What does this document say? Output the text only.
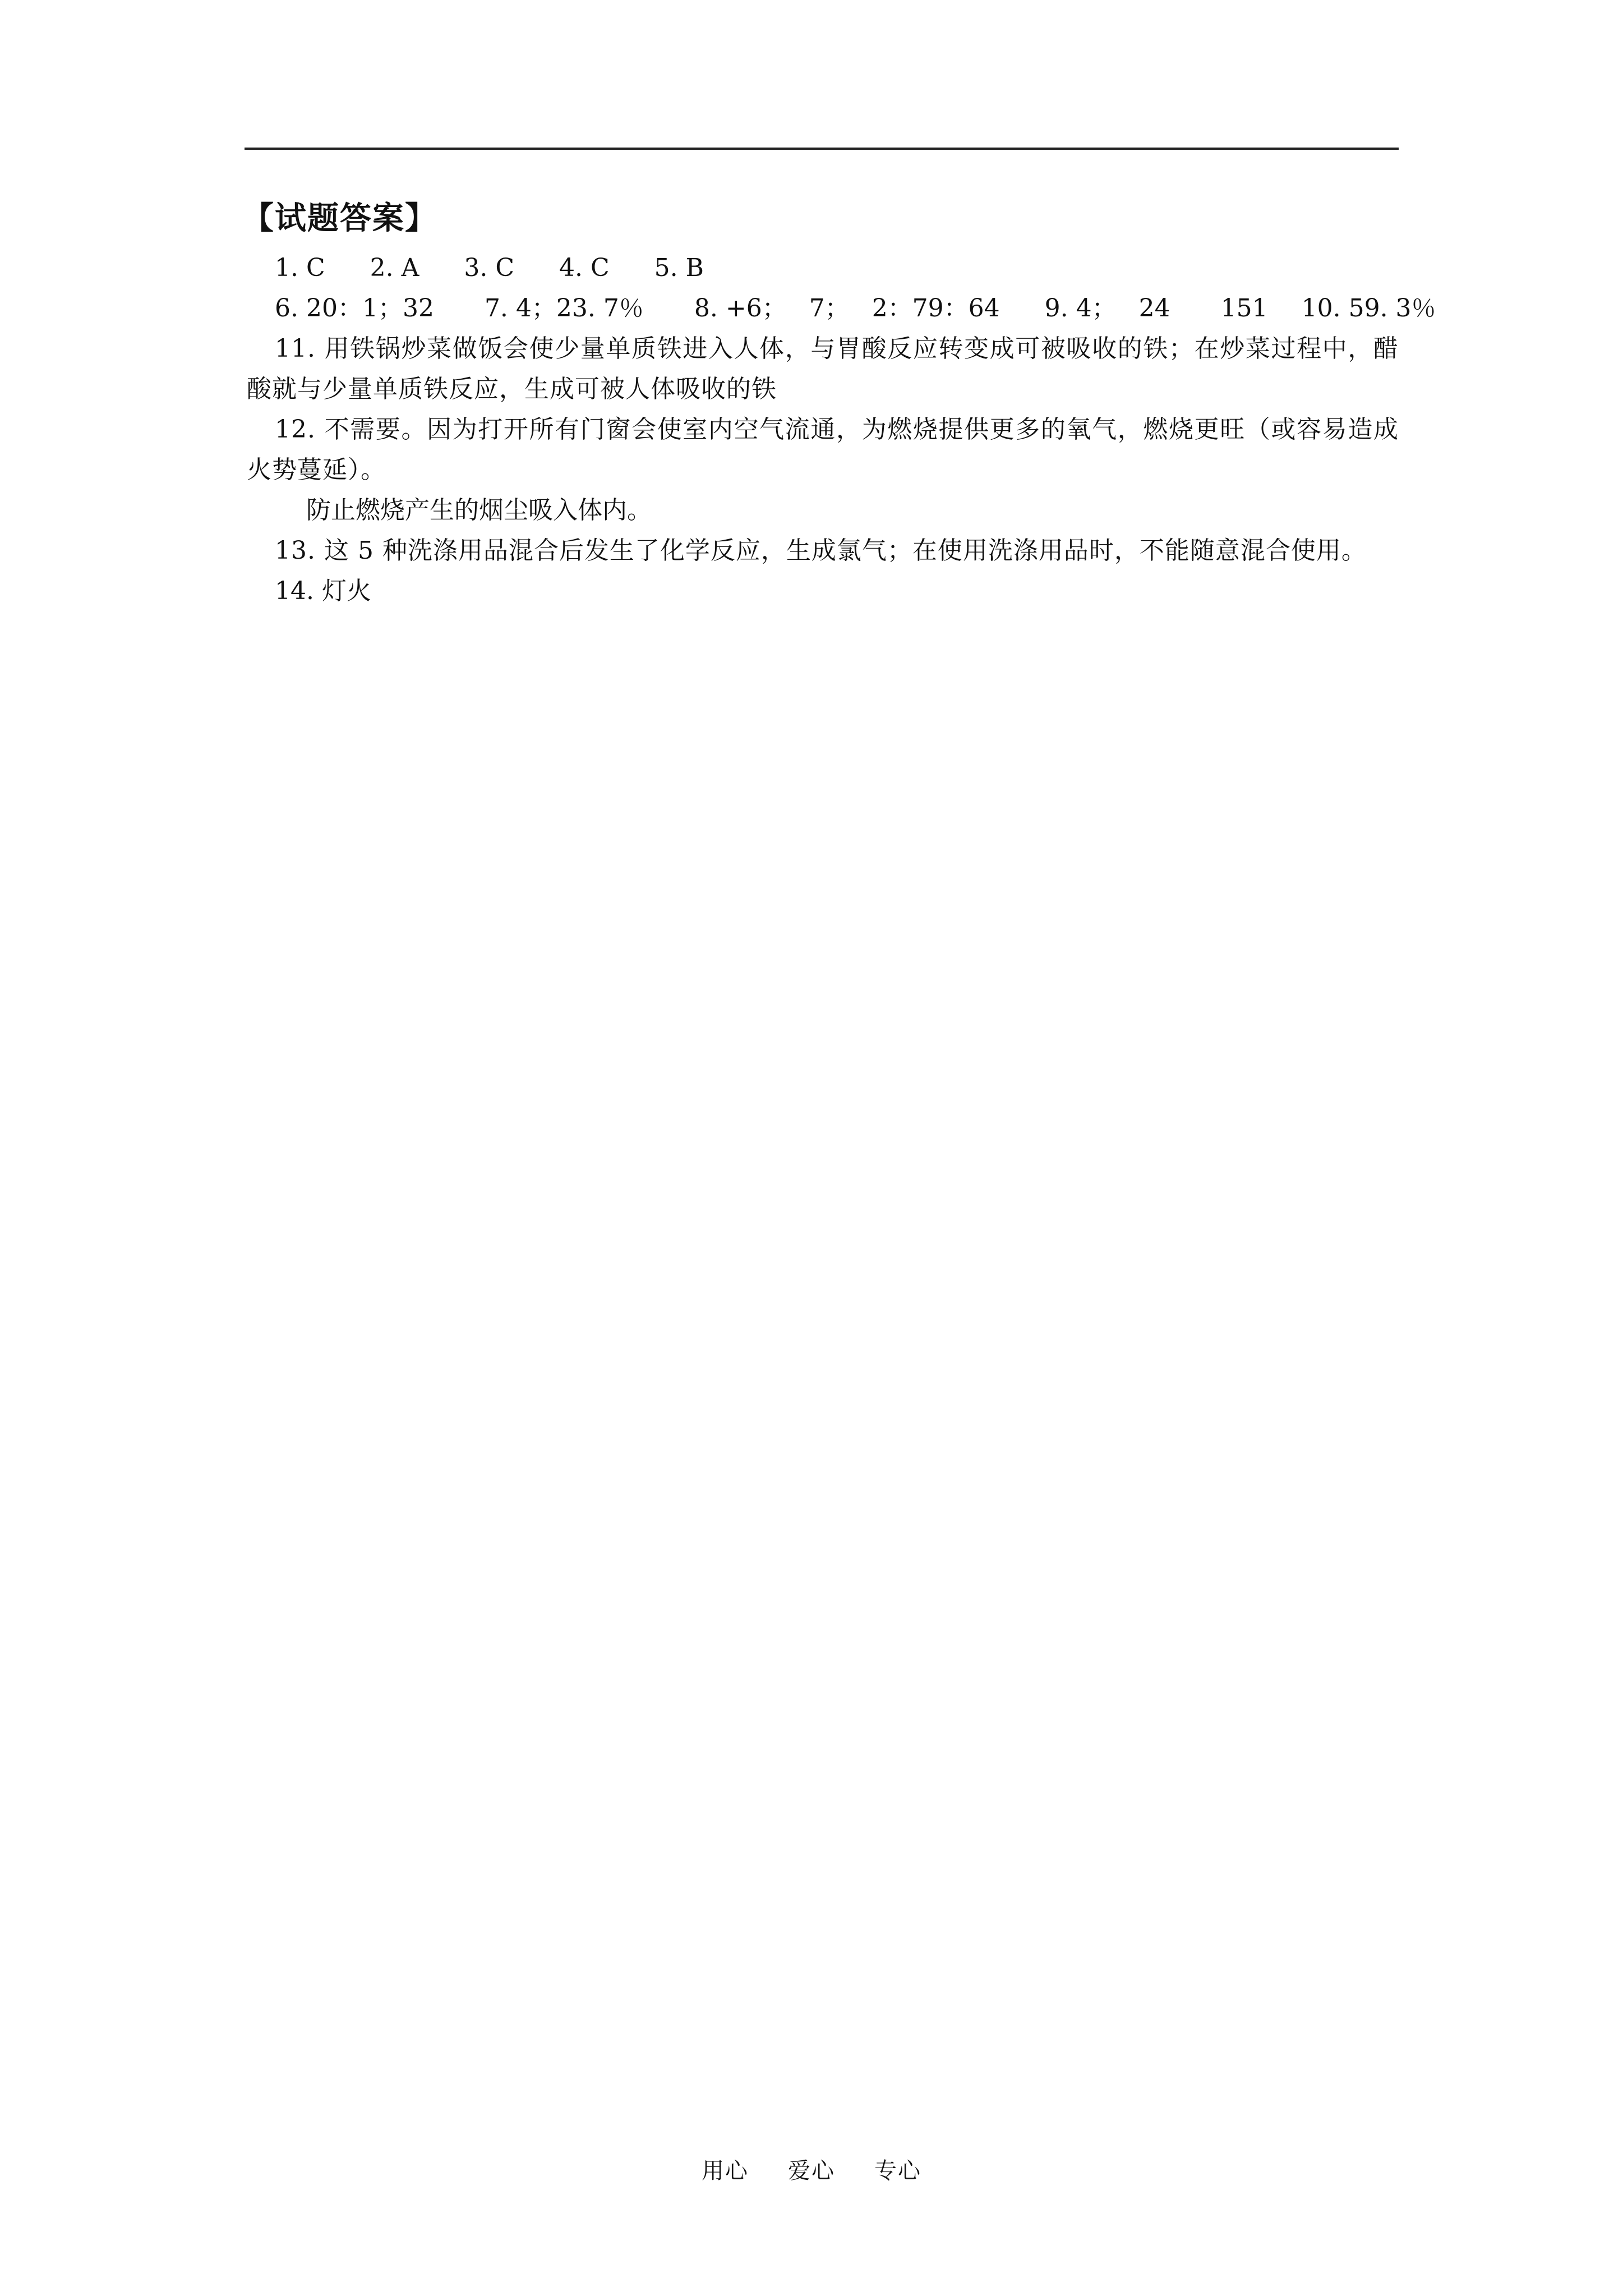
【试题答案】
1. C 2. A 3. C 4. C 5. B
6. 20：1；32 7. 4；23. 7％ 8. +6； 7； 2：79：64 9. 4； 24 151 10. 59. 3％
11. 用铁锅炒菜做饭会使少量单质铁进入人体，与胃酸反应转变成可被吸收的铁；在炒菜过程中，醋酸就与少量单质铁反应，生成可被人体吸收的铁
12. 不需要。因为打开所有门窗会使室内空气流通，为燃烧提供更多的氧气，燃烧更旺（或容易造成火势蔓延）。
防止燃烧产生的烟尘吸入体内。
13. 这 5 种洗涤用品混合后发生了化学反应，生成氯气；在使用洗涤用品时，不能随意混合使用。
14. 灯火
用心 爱心 专心
